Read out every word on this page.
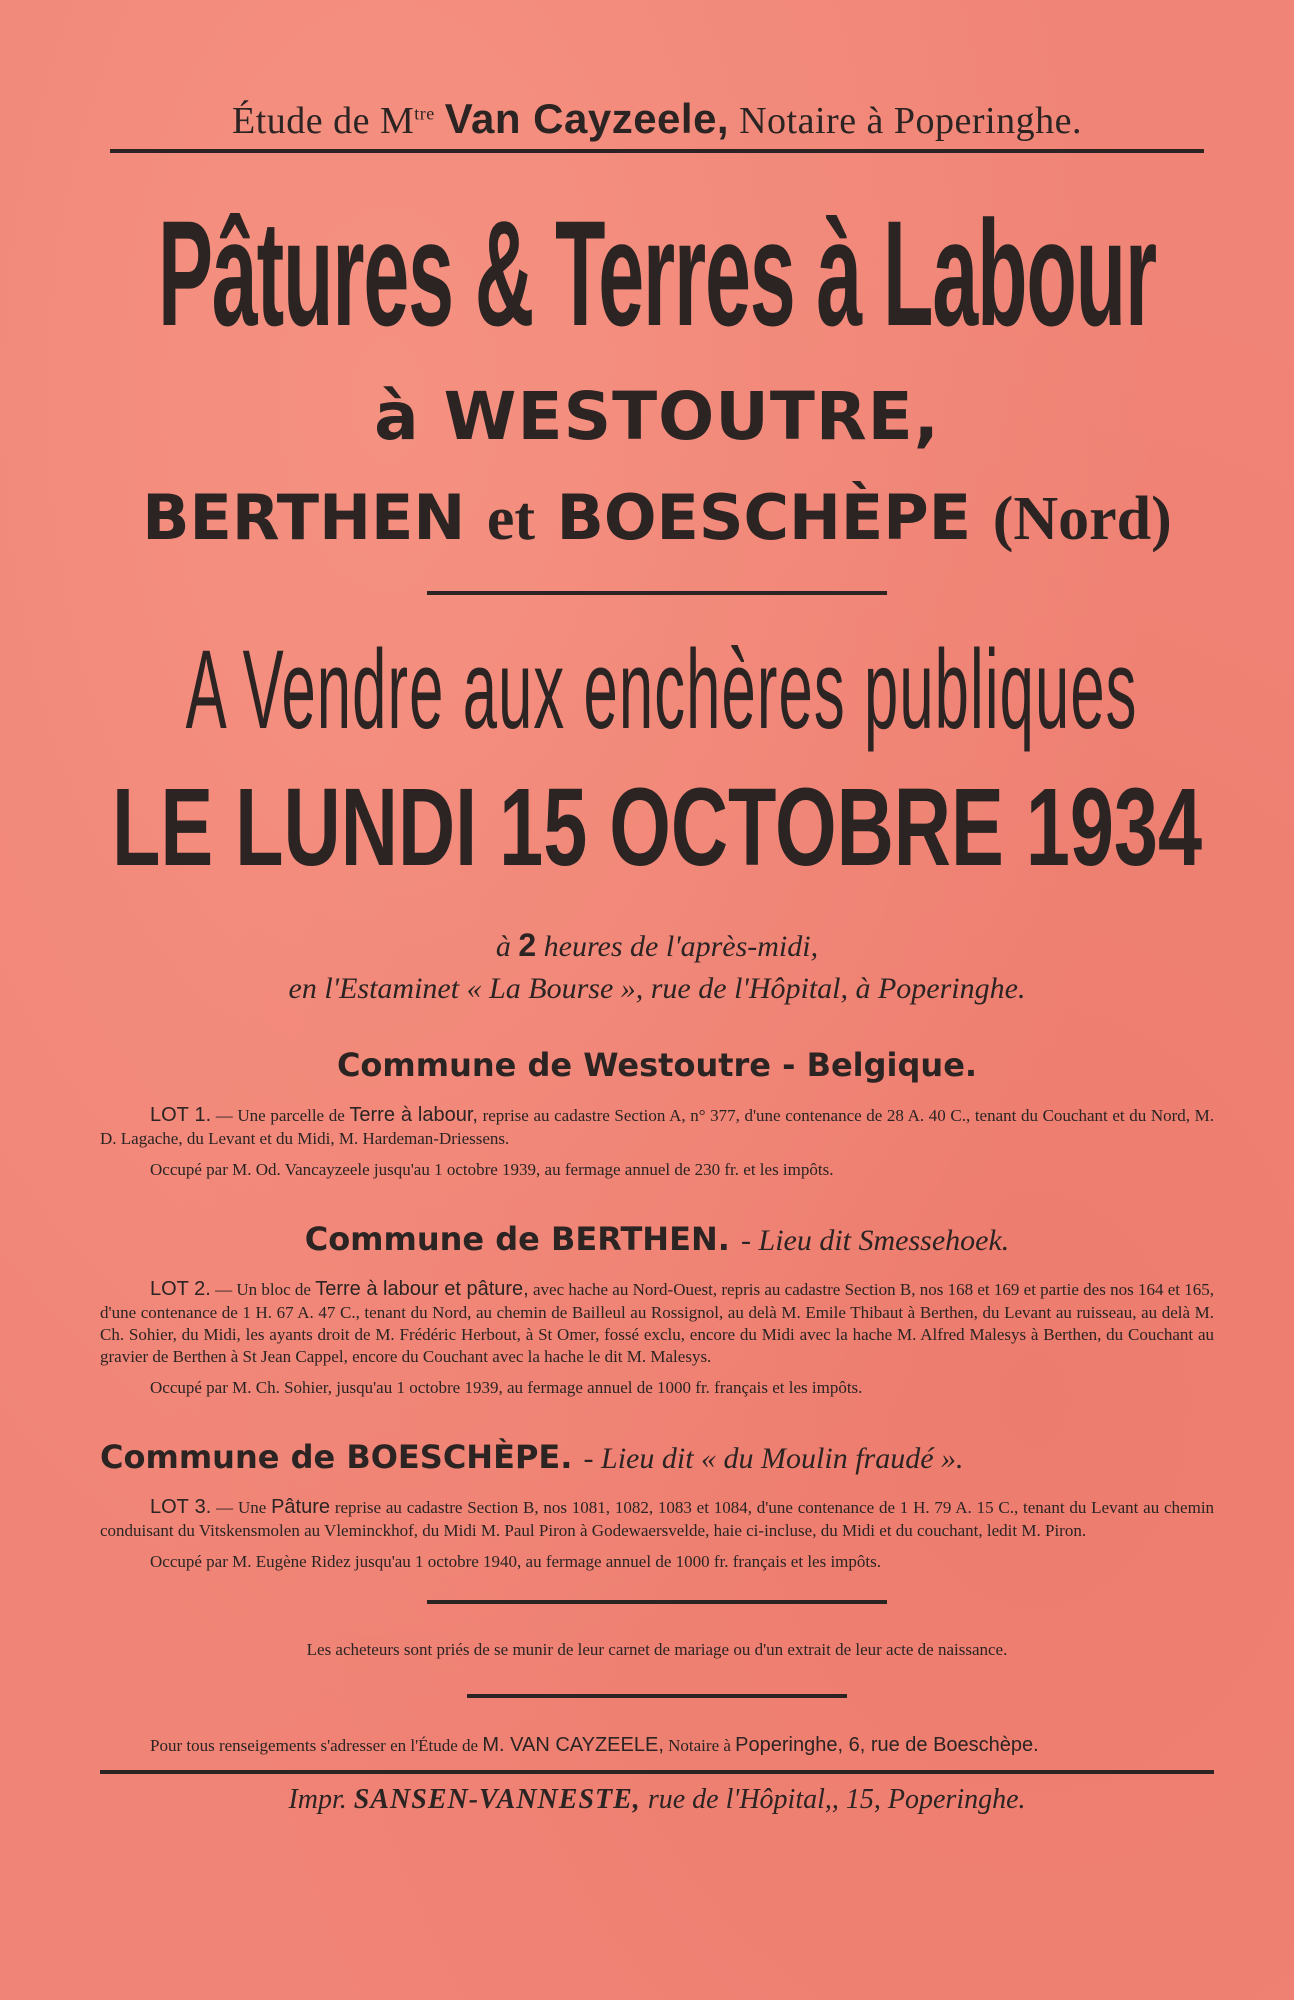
Étude de $M^{tre}$ Van Cayzeele, Notaire à Poperinghe.
Pâtures & Terres à Labour
à WESTOUTRE,
BERTHEN et BOESCHÈPE (Nord)
A Vendre aux enchères publiques
LE LUNDI 15 OCTOBRE 1934
à 2 heures de l'après-midi,
en l'Estaminet « La Bourse », rue de l'Hôpital, à Poperinghe.
Commune de Westoutre - Belgique.
LOT 1. — Une parcelle de Terre à labour, reprise au cadastre Section A, n° 377, d'une contenance de 28 A. 40 C., tenant du Couchant et du Nord, M. D. Lagache, du Levant et du Midi, M. Hardeman-Driessens.
Occupé par M. Od. Vancayzeele jusqu'au 1 octobre 1939, au fermage annuel de 230 fr. et les impôts.
Commune de BERTHEN. - Lieu dit Smessehoek.
LOT 2. — Un bloc de Terre à labour et pâture, avec hache au Nord-Ouest, repris au cadastre Section B, nos 168 et 169 et partie des nos 164 et 165, d'une contenance de 1 H. 67 A. 47 C., tenant du Nord, au chemin de Bailleul au Rossignol, au delà M. Emile Thibaut à Berthen, du Levant au ruisseau, au delà M. Ch. Sohier, du Midi, les ayants droit de M. Frédéric Herbout, à St Omer, fossé exclu, encore du Midi avec la hache M. Alfred Malesys à Berthen, du Couchant au gravier de Berthen à St Jean Cappel, encore du Couchant avec la hache le dit M. Malesys.
Occupé par M. Ch. Sohier, jusqu'au 1 octobre 1939, au fermage annuel de 1000 fr. français et les impôts.
Commune de BOESCHÈPE. - Lieu dit « du Moulin fraudé ».
LOT 3. — Une Pâture reprise au cadastre Section B, nos 1081, 1082, 1083 et 1084, d'une contenance de 1 H. 79 A. 15 C., tenant du Levant au chemin conduisant du Vitskensmolen au Vleminckhof, du Midi M. Paul Piron à Godewaersvelde, haie ci-incluse, du Midi et du couchant, ledit M. Piron.
Occupé par M. Eugène Ridez jusqu'au 1 octobre 1940, au fermage annuel de 1000 fr. français et les impôts.
Les acheteurs sont priés de se munir de leur carnet de mariage ou d'un extrait de leur acte de naissance.
Pour tous renseigements s'adresser en l'Étude de M. VAN CAYZEELE, Notaire à Poperinghe, 6, rue de Boeschèpe.
Impr. SANSEN-VANNESTE, rue de l'Hôpital,, 15, Poperinghe.
